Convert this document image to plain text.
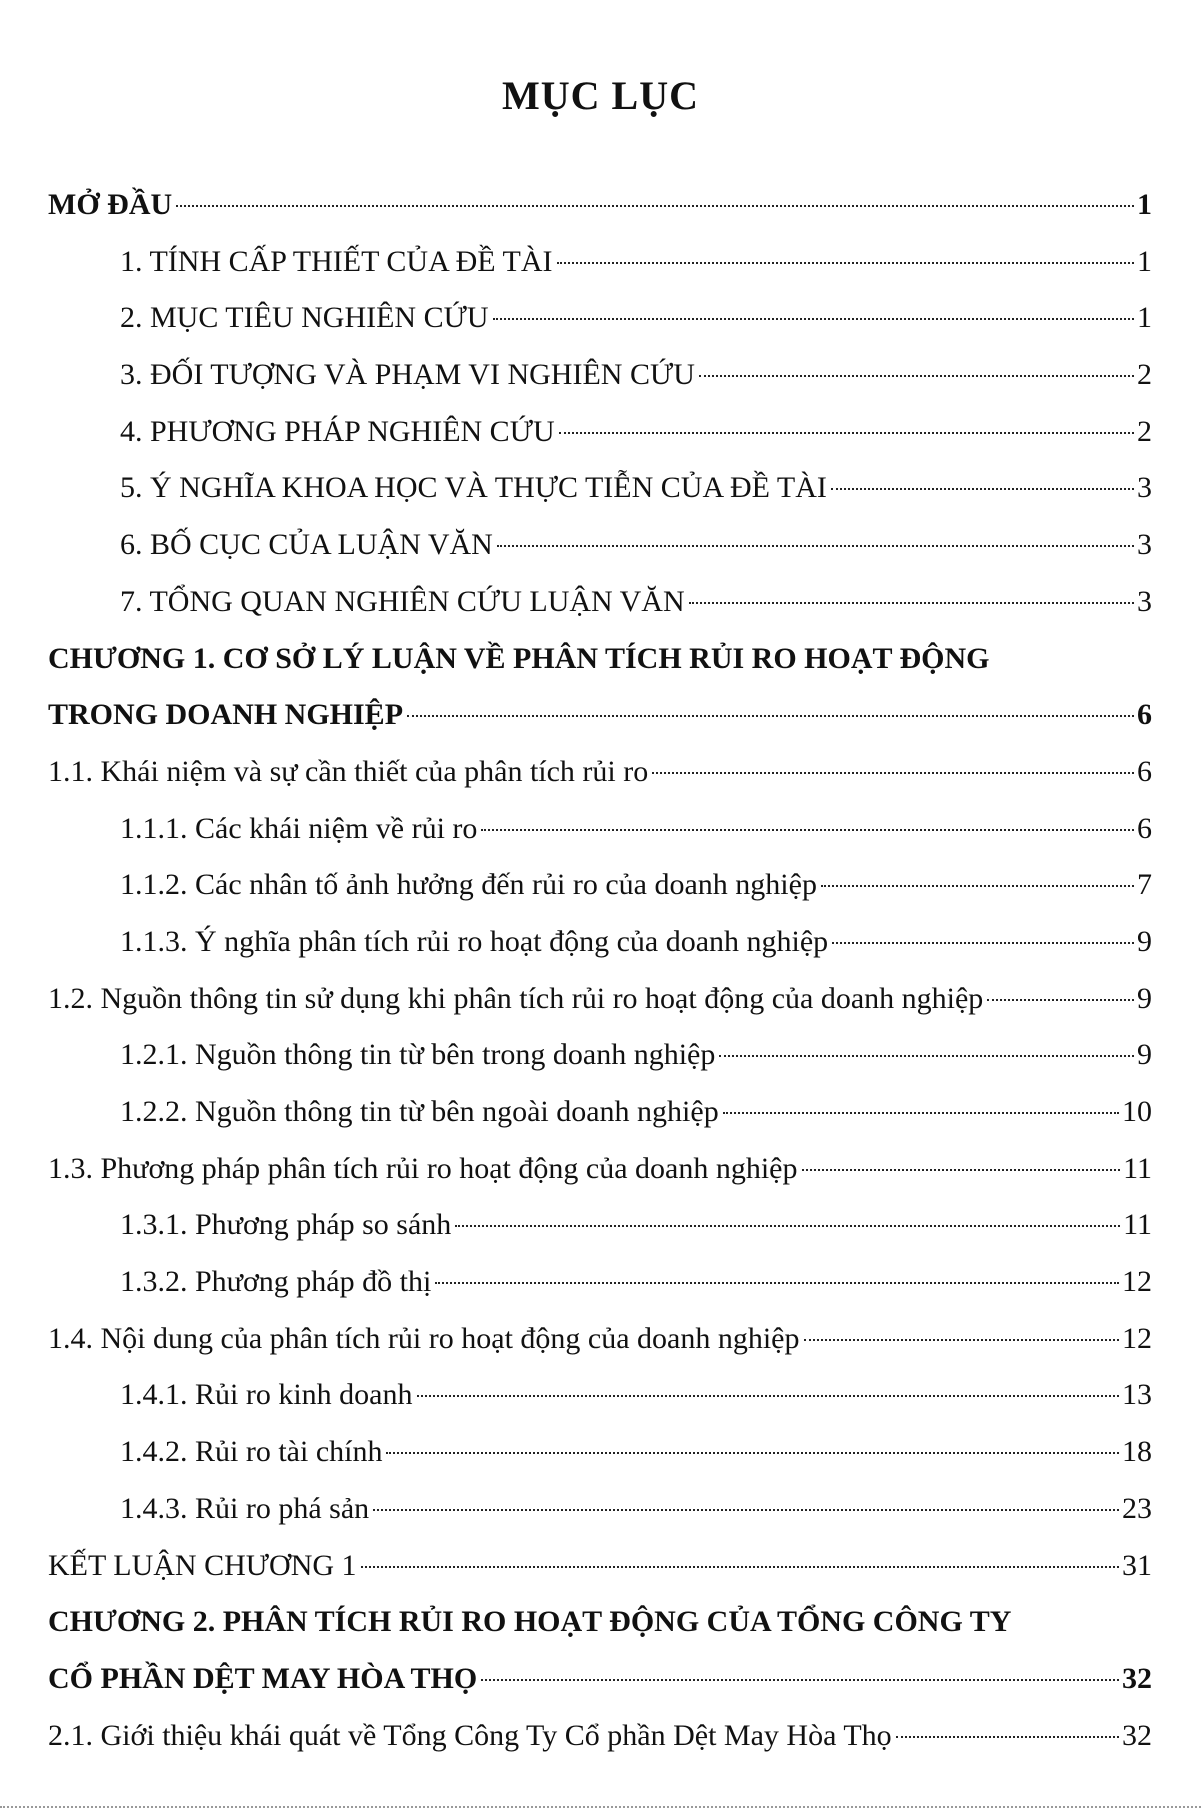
MỤC LỤC
MỞ ĐẦU	1
1. TÍNH CẤP THIẾT CỦA ĐỀ TÀI	1
2. MỤC TIÊU NGHIÊN CỨU	1
3. ĐỐI TƯỢNG VÀ PHẠM VI NGHIÊN CỨU	2
4. PHƯƠNG PHÁP NGHIÊN CỨU	2
5. Ý NGHĨA KHOA HỌC VÀ THỰC TIỄN CỦA ĐỀ TÀI	3
6. BỐ CỤC CỦA LUẬN VĂN	3
7. TỔNG QUAN NGHIÊN CỨU LUẬN VĂN	3
CHƯƠNG 1. CƠ SỞ LÝ LUẬN VỀ PHÂN TÍCH RỦI RO HOẠT ĐỘNG
TRONG DOANH NGHIỆP	6
1.1. Khái niệm và sự cần thiết của phân tích rủi ro	6
1.1.1. Các khái niệm về rủi ro	6
1.1.2. Các nhân tố ảnh hưởng đến rủi ro của doanh nghiệp	7
1.1.3. Ý nghĩa phân tích rủi ro hoạt động của doanh nghiệp	9
1.2. Nguồn thông tin sử dụng khi phân tích rủi ro hoạt động của doanh nghiệp	9
1.2.1. Nguồn thông tin từ bên trong doanh nghiệp	9
1.2.2. Nguồn thông tin từ bên ngoài doanh nghiệp	10
1.3. Phương pháp phân tích rủi ro hoạt động của doanh nghiệp	11
1.3.1. Phương pháp so sánh	11
1.3.2. Phương pháp đồ thị	12
1.4. Nội dung của phân tích rủi ro hoạt động của doanh nghiệp	12
1.4.1. Rủi ro kinh doanh	13
1.4.2. Rủi ro tài chính	18
1.4.3. Rủi ro phá sản	23
KẾT LUẬN CHƯƠNG 1	31
CHƯƠNG 2. PHÂN TÍCH RỦI RO HOẠT ĐỘNG CỦA TỔNG CÔNG TY
CỔ PHẦN DỆT MAY HÒA THỌ	32
2.1. Giới thiệu khái quát về Tổng Công Ty Cổ phần Dệt May Hòa Thọ	32
